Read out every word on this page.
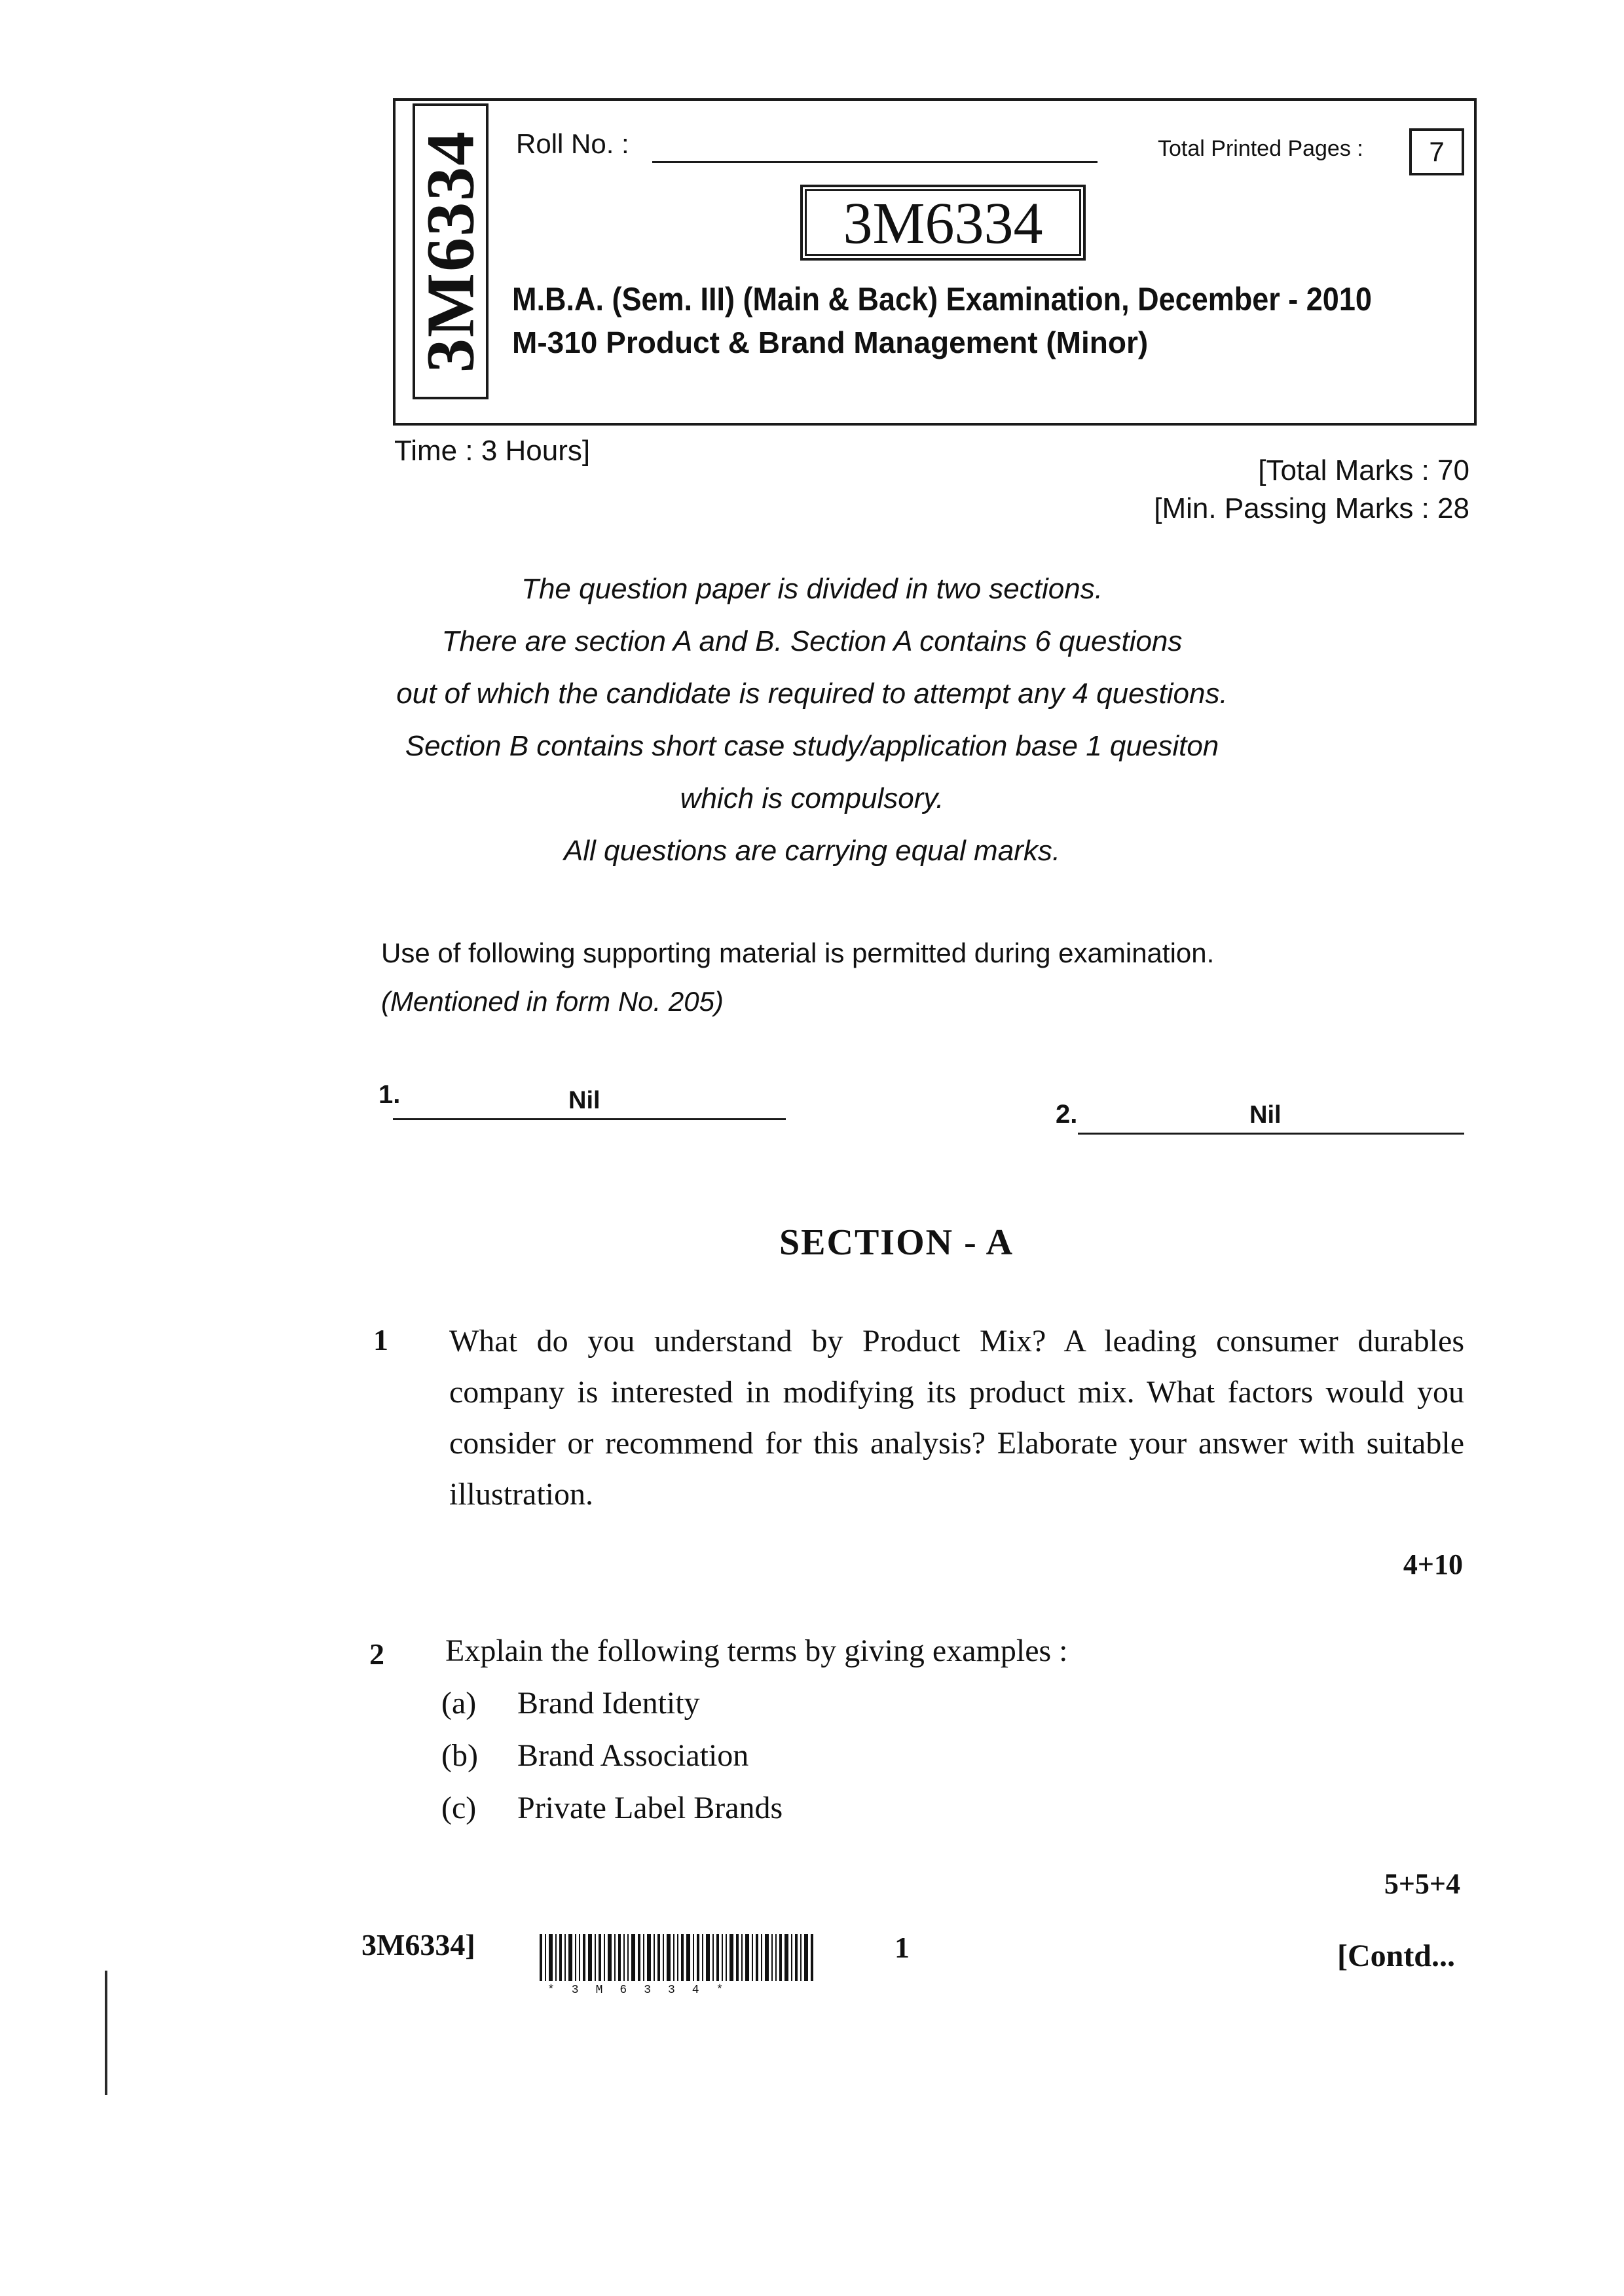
3M6334 Roll No. :	Total Printed Pages :	7
3M6334
M.B.A. (Sem. III) (Main & Back) Examination, December - 2010
M-310 Product & Brand Management (Minor)
Time : 3 Hours]
[Total Marks : 70
[Min. Passing Marks : 28
The question paper is divided in two sections.
There are section A and B. Section A contains 6 questions
out of which the candidate is required to attempt any 4 questions.
Section B contains short case study/application base 1 quesiton
which is compulsory.
All questions are carrying equal marks.
Use of following supporting material is permitted during examination.
(Mentioned in form No. 205)
1.	Nil	2.	Nil
SECTION - A
1 What do you understand by Product Mix? A leading consumer durables company is interested in modifying its product mix. What factors would you consider or recommend for this analysis? Elaborate your answer with suitable illustration.
4+10
2 Explain the following terms by giving examples :
(a) Brand Identity
(b) Brand Association
(c) Private Label Brands
5+5+4
3M6334]
*3M6334*
1	[Contd...
